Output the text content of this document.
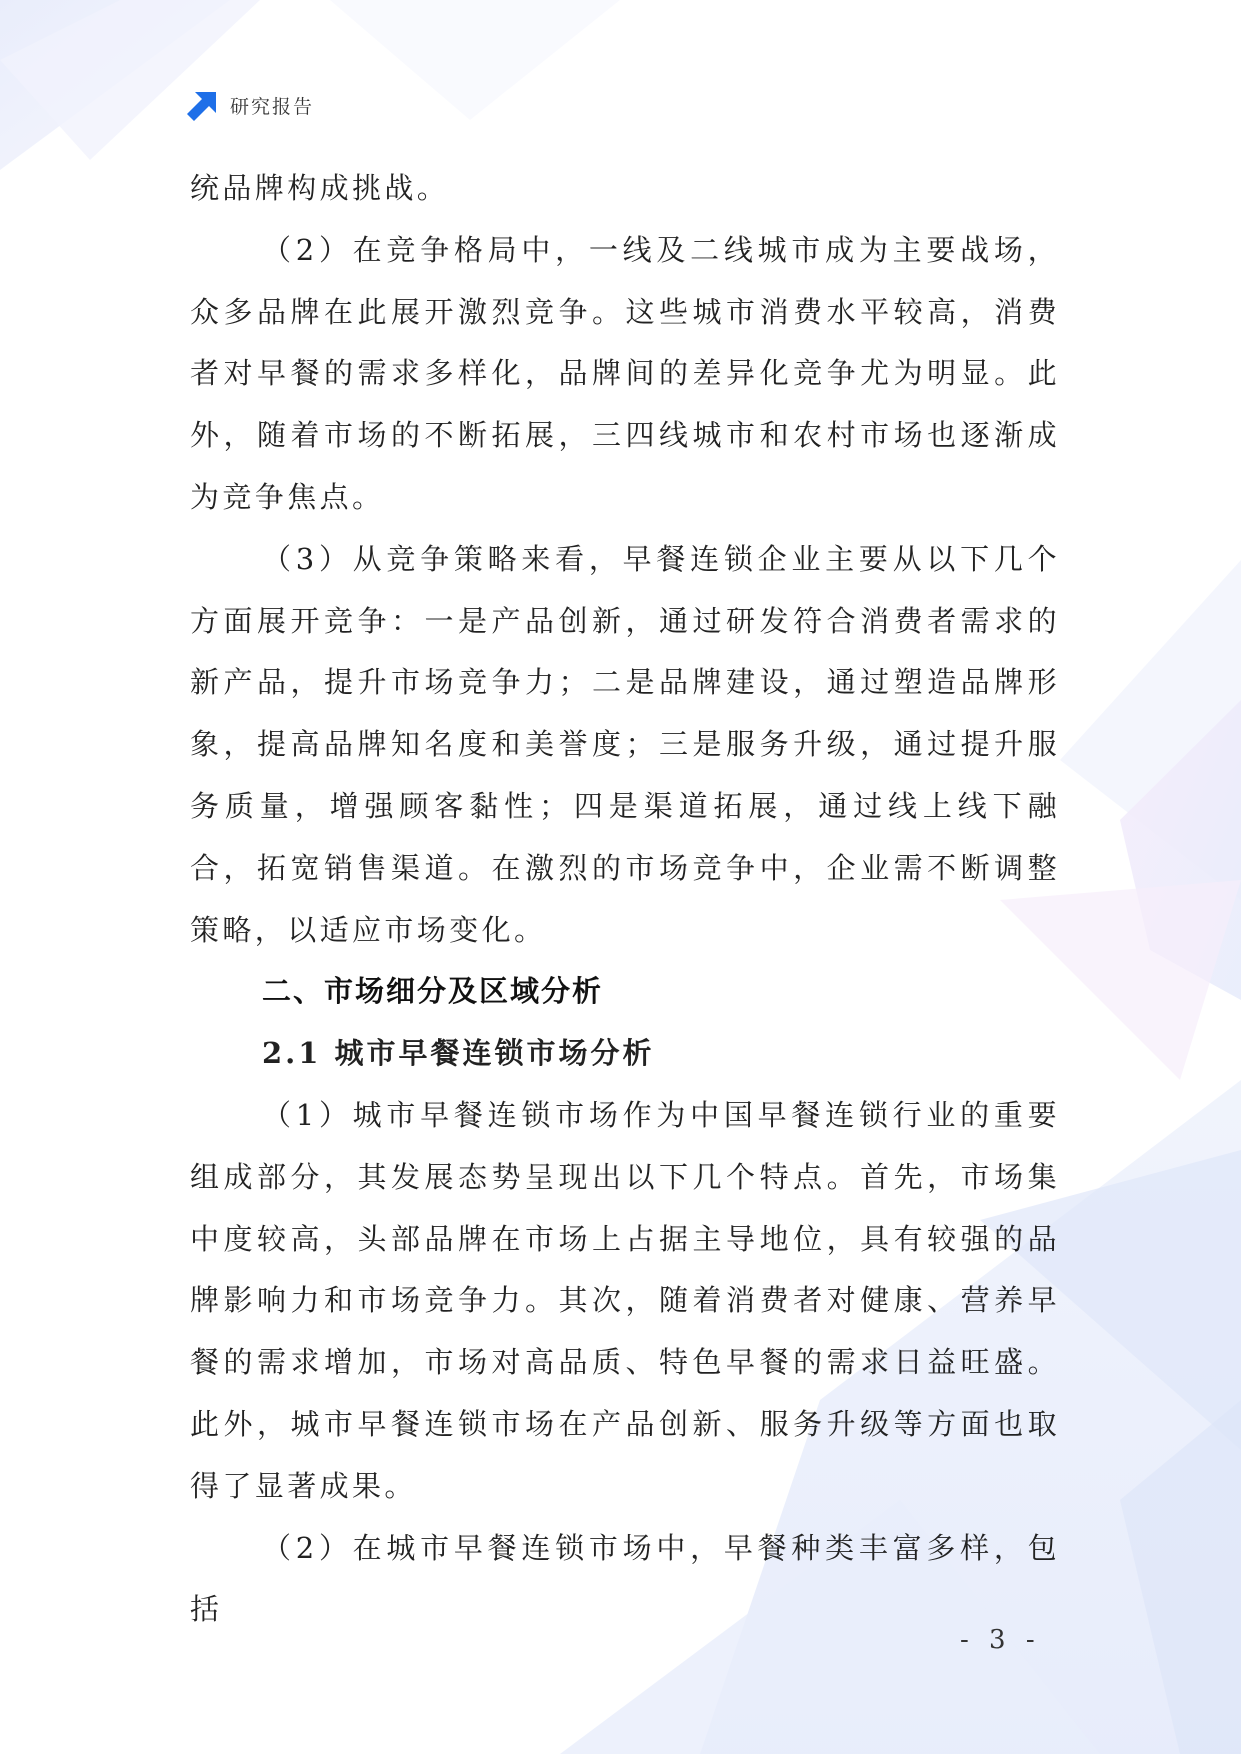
研究报告

统品牌构成挑战。

（2）在竞争格局中，一线及二线城市成为主要战场，众多品牌在此展开激烈竞争。这些城市消费水平较高，消费者对早餐的需求多样化，品牌间的差异化竞争尤为明显。此外，随着市场的不断拓展，三四线城市和农村市场也逐渐成为竞争焦点。

（3）从竞争策略来看，早餐连锁企业主要从以下几个方面展开竞争：一是产品创新，通过研发符合消费者需求的新产品，提升市场竞争力；二是品牌建设，通过塑造品牌形象，提高品牌知名度和美誉度；三是服务升级，通过提升服务质量，增强顾客黏性；四是渠道拓展，通过线上线下融合，拓宽销售渠道。在激烈的市场竞争中，企业需不断调整策略，以适应市场变化。

二、市场细分及区域分析
2.1 城市早餐连锁市场分析

（1）城市早餐连锁市场作为中国早餐连锁行业的重要组成部分，其发展态势呈现出以下几个特点。首先，市场集中度较高，头部品牌在市场上占据主导地位，具有较强的品牌影响力和市场竞争力。其次，随着消费者对健康、营养早餐的需求增加，市场对高品质、特色早餐的需求日益旺盛。此外，城市早餐连锁市场在产品创新、服务升级等方面也取得了显著成果。

（2）在城市早餐连锁市场中，早餐种类丰富多样，包括

- 3 -
